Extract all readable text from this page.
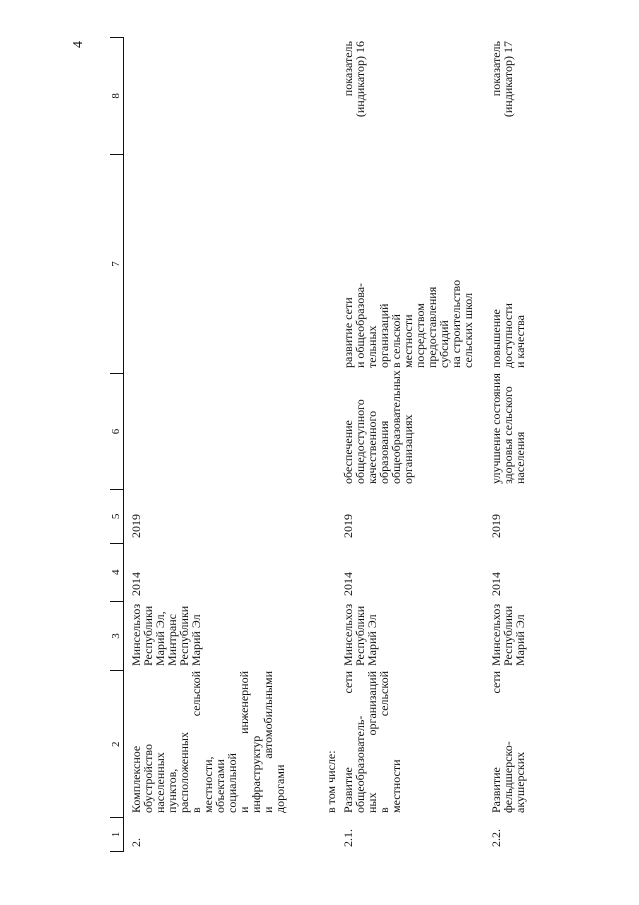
4
1
2
3
4
5
6
7
8
2.
Комплексное
обустройство
населенных
пунктов,
расположенных
в сельской
местности,
объектами
социальной
и инженерной
инфраструктур
и автомобильными
дорогами
Минсельхоз
Республики
Марий Эл,
Минтранс
Республики
Марий Эл
2014
2019
в том числе:
2.1.
Развитие сети
общеобразователь-
ных организаций
в сельской
местности
Минсельхоз
Республики
Марий Эл
2014
2019
обеспечение
общедоступного
качественного
образования
общеобразовательных
организациях
развитие сети
и общеобразова-
тельных
организаций
в сельской
местности
посредством
предоставления
субсидий
на строительство
сельских школ
показатель
(индикатор) 16
2.2.
Развитие сети
фельдшерско-
акушерских
Минсельхоз
Республики
Марий Эл
2014
2019
улучшение состояния
здоровья сельского
населения
повышение
доступности
и качества
показатель
(индикатор) 17
